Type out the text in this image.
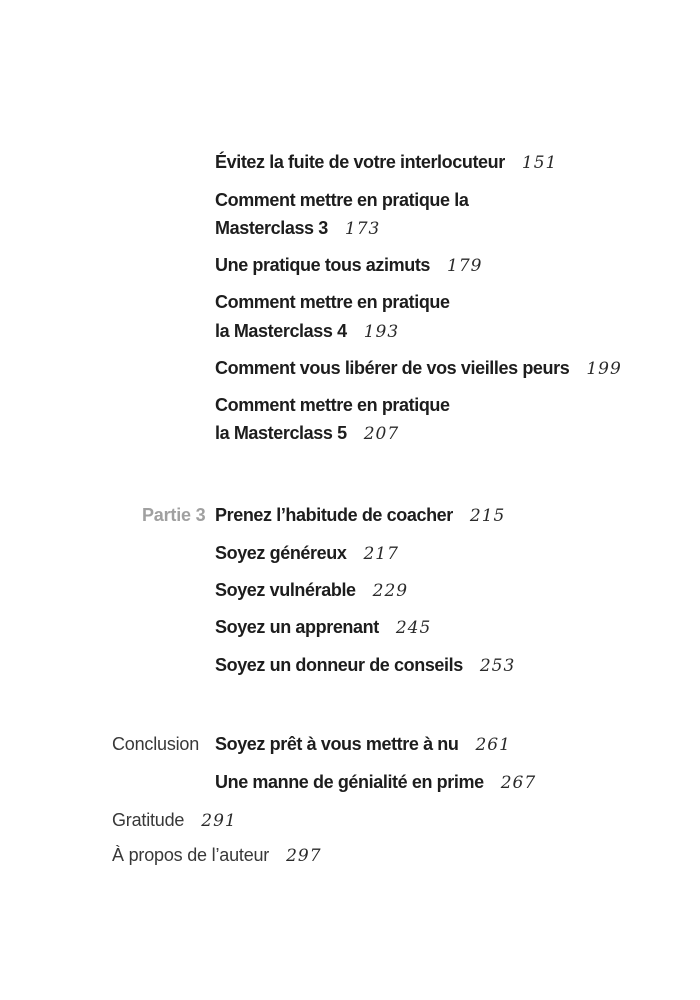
Évitez la fuite de votre interlocuteur 151
Comment mettre en pratique la
Masterclass 3 173
Une pratique tous azimuts 179
Comment mettre en pratique
la Masterclass 4 193
Comment vous libérer de vos vieilles peurs 199
Comment mettre en pratique
la Masterclass 5 207
Partie 3 Prenez l’habitude de coacher 215
Soyez généreux 217
Soyez vulnérable 229
Soyez un apprenant 245
Soyez un donneur de conseils 253
Conclusion Soyez prêt à vous mettre à nu 261
Une manne de génialité en prime 267
Gratitude 291
À propos de l’auteur 297
